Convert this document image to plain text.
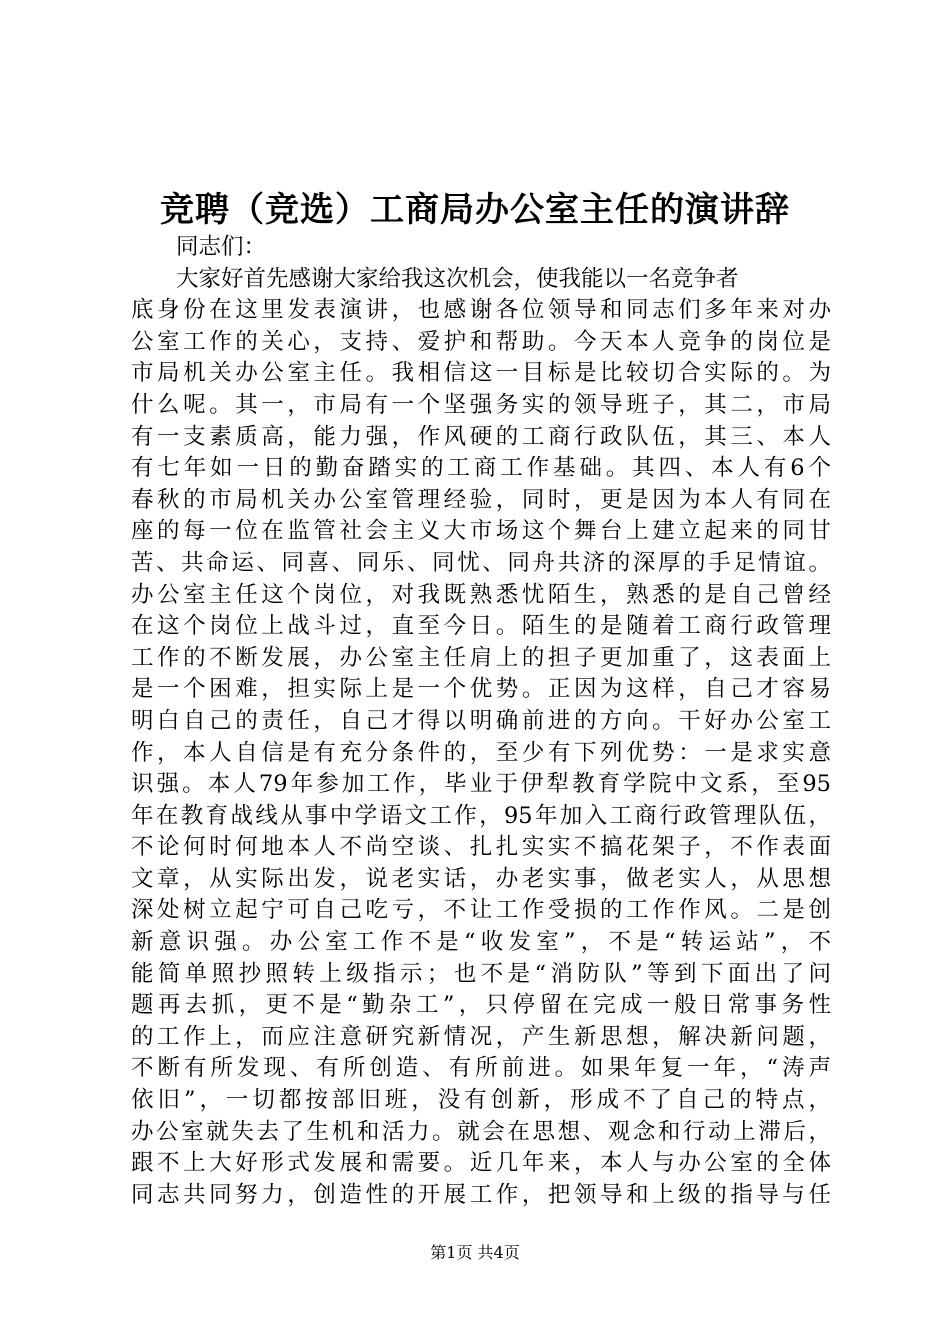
竞聘（竞选）工商局办公室主任的演讲辞
同志们：
大家好首先感谢大家给我这次机会，使我能以一名竞争者
底身份在这里发表演讲，也感谢各位领导和同志们多年来对办
公室工作的关心，支持、爱护和帮助。今天本人竞争的岗位是
市局机关办公室主任。我相信这一目标是比较切合实际的。为
什么呢。其一，市局有一个坚强务实的领导班子，其二，市局
有一支素质高，能力强，作风硬的工商行政队伍，其三、本人
有七年如一日的勤奋踏实的工商工作基础。其四、本人有6个
春秋的市局机关办公室管理经验，同时，更是因为本人有同在
座的每一位在监管社会主义大市场这个舞台上建立起来的同甘
苦、共命运、同喜、同乐、同忧、同舟共济的深厚的手足情谊。
办公室主任这个岗位，对我既熟悉忧陌生，熟悉的是自己曾经
在这个岗位上战斗过，直至今日。陌生的是随着工商行政管理
工作的不断发展，办公室主任肩上的担子更加重了，这表面上
是一个困难，担实际上是一个优势。正因为这样，自己才容易
明白自己的责任，自己才得以明确前进的方向。干好办公室工
作，本人自信是有充分条件的，至少有下列优势：一是求实意
识强。本人79年参加工作，毕业于伊犁教育学院中文系，至95
年在教育战线从事中学语文工作，95年加入工商行政管理队伍，
不论何时何地本人不尚空谈、扎扎实实不搞花架子，不作表面
文章，从实际出发，说老实话，办老实事，做老实人，从思想
深处树立起宁可自己吃亏，不让工作受损的工作作风。二是创
新意识强。办公室工作不是“收发室”，不是“转运站”，不
能简单照抄照转上级指示；也不是“消防队”等到下面出了问
题再去抓，更不是“勤杂工”，只停留在完成一般日常事务性
的工作上，而应注意研究新情况，产生新思想，解决新问题，
不断有所发现、有所创造、有所前进。如果年复一年，“涛声
依旧”，一切都按部旧班，没有创新，形成不了自己的特点，
办公室就失去了生机和活力。就会在思想、观念和行动上滞后，
跟不上大好形式发展和需要。近几年来，本人与办公室的全体
同志共同努力，创造性的开展工作，把领导和上级的指导与任
第1页 共4页
